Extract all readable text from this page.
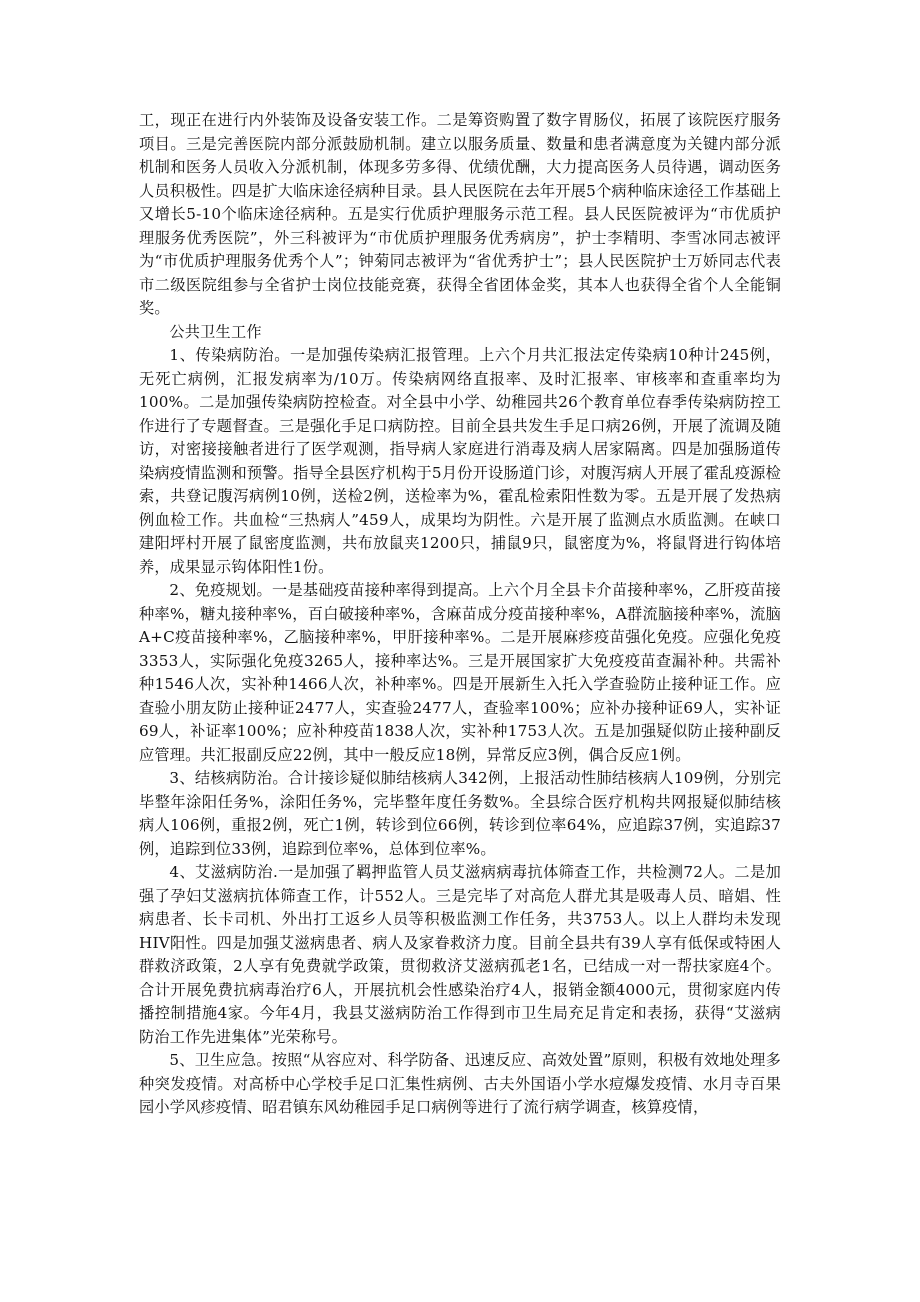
工，现正在进行内外装饰及设备安装工作。二是筹资购置了数字胃肠仪，拓展了该院医疗服务项目。三是完善医院内部分派鼓励机制。建立以服务质量、数量和患者满意度为关键内部分派机制和医务人员收入分派机制，体现多劳多得、优绩优酬，大力提高医务人员待遇，调动医务人员积极性。四是扩大临床途径病种目录。县人民医院在去年开展5个病种临床途径工作基础上又增长5-10个临床途径病种。五是实行优质护理服务示范工程。县人民医院被评为“市优质护理服务优秀医院”，外三科被评为“市优质护理服务优秀病房”，护士李精明、李雪冰同志被评为“市优质护理服务优秀个人”；钟菊同志被评为“省优秀护士”；县人民医院护士万娇同志代表市二级医院组参与全省护士岗位技能竞赛，获得全省团体金奖，其本人也获得全省个人全能铜奖。

公共卫生工作

1、传染病防治。一是加强传染病汇报管理。上六个月共汇报法定传染病10种计245例，无死亡病例，汇报发病率为/10万。传染病网络直报率、及时汇报率、审核率和查重率均为100%。二是加强传染病防控检查。对全县中小学、幼稚园共26个教育单位春季传染病防控工作进行了专题督查。三是强化手足口病防控。目前全县共发生手足口病26例，开展了流调及随访，对密接接触者进行了医学观测，指导病人家庭进行消毒及病人居家隔离。四是加强肠道传染病疫情监测和预警。指导全县医疗机构于5月份开设肠道门诊，对腹泻病人开展了霍乱疫源检索，共登记腹泻病例10例，送检2例，送检率为%，霍乱检索阳性数为零。五是开展了发热病例血检工作。共血检“三热病人”459人，成果均为阴性。六是开展了监测点水质监测。在峡口建阳坪村开展了鼠密度监测，共布放鼠夹1200只，捕鼠9只，鼠密度为%，将鼠肾进行钩体培养，成果显示钩体阳性1份。

2、免疫规划。一是基础疫苗接种率得到提高。上六个月全县卡介苗接种率%，乙肝疫苗接种率%，糖丸接种率%，百白破接种率%，含麻苗成分疫苗接种率%，A群流脑接种率%，流脑A+C疫苗接种率%，乙脑接种率%，甲肝接种率%。二是开展麻疹疫苗强化免疫。应强化免疫3353人，实际强化免疫3265人，接种率达%。三是开展国家扩大免疫疫苗查漏补种。共需补种1546人次，实补种1466人次，补种率%。四是开展新生入托入学查验防止接种证工作。应查验小朋友防止接种证2477人，实查验2477人，查验率100%；应补办接种证69人，实补证69人，补证率100%；应补种疫苗1838人次，实补种1753人次。五是加强疑似防止接种副反应管理。共汇报副反应22例，其中一般反应18例，异常反应3例，偶合反应1例。

3、结核病防治。合计接诊疑似肺结核病人342例，上报活动性肺结核病人109例，分别完毕整年涂阳任务%，涂阳任务%，完毕整年度任务数%。全县综合医疗机构共网报疑似肺结核病人106例，重报2例，死亡1例，转诊到位66例，转诊到位率64%，应追踪37例，实追踪37例，追踪到位33例，追踪到位率%，总体到位率%。

4、艾滋病防治.一是加强了羁押监管人员艾滋病病毒抗体筛查工作，共检测72人。二是加强了孕妇艾滋病抗体筛查工作，计552人。三是完毕了对高危人群尤其是吸毒人员、暗娼、性病患者、长卡司机、外出打工返乡人员等积极监测工作任务，共3753人。以上人群均未发现HIV阳性。四是加强艾滋病患者、病人及家眷救济力度。目前全县共有39人享有低保或特困人群救济政策，2人享有免费就学政策，贯彻救济艾滋病孤老1名，已结成一对一帮扶家庭4个。合计开展免费抗病毒治疗6人，开展抗机会性感染治疗4人，报销金额4000元，贯彻家庭内传播控制措施4家。今年4月，我县艾滋病防治工作得到市卫生局充足肯定和表扬，获得“艾滋病防治工作先进集体”光荣称号。

5、卫生应急。按照“从容应对、科学防备、迅速反应、高效处置”原则，积极有效地处理多种突发疫情。对高桥中心学校手足口汇集性病例、古夫外国语小学水痘爆发疫情、水月寺百果园小学风疹疫情、昭君镇东风幼稚园手足口病例等进行了流行病学调查，核算疫情，
